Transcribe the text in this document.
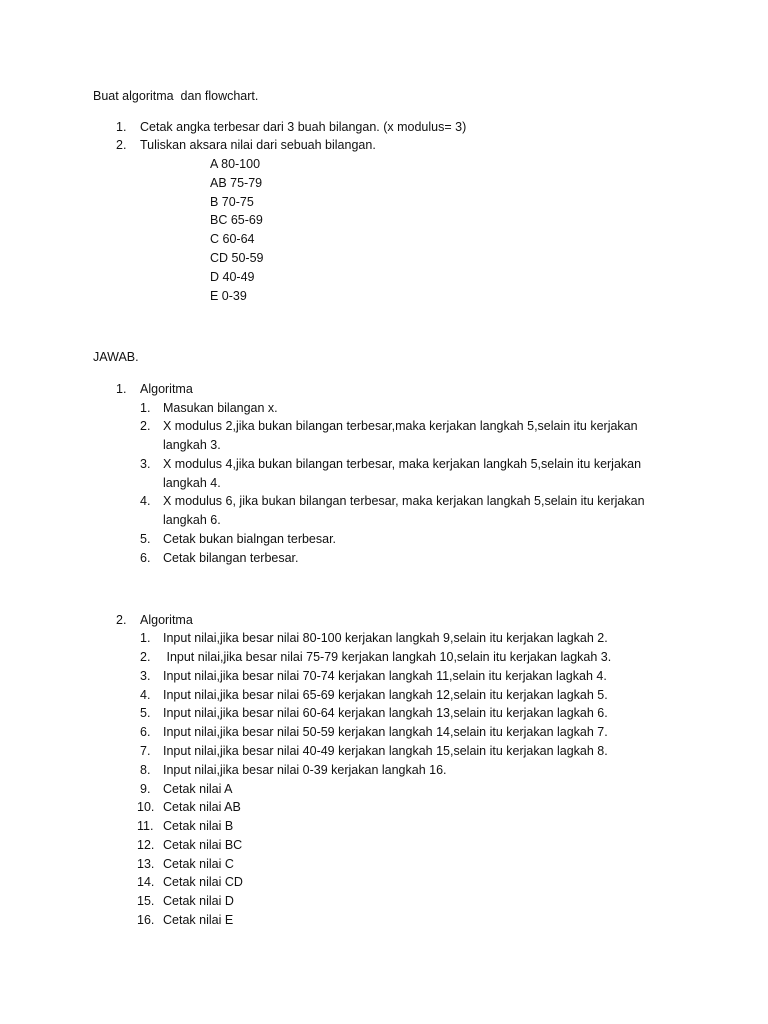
Buat algoritma  dan flowchart.
1. Cetak angka terbesar dari 3 buah bilangan. (x modulus= 3)
2. Tuliskan aksara nilai dari sebuah bilangan.
A 80-100
AB 75-79
B 70-75
BC 65-69
C 60-64
CD 50-59
D 40-49
E 0-39
JAWAB.
1. Algoritma
1. Masukan bilangan x.
2. X modulus 2,jika bukan bilangan terbesar,maka kerjakan langkah 5,selain itu kerjakan
langkah 3.
3. X modulus 4,jika bukan bilangan terbesar, maka kerjakan langkah 5,selain itu kerjakan
langkah 4.
4. X modulus 6, jika bukan bilangan terbesar, maka kerjakan langkah 5,selain itu kerjakan
langkah 6.
5. Cetak bukan bialngan terbesar.
6. Cetak bilangan terbesar.
2. Algoritma
1. Input nilai,jika besar nilai 80-100 kerjakan langkah 9,selain itu kerjakan lagkah 2.
2. Input nilai,jika besar nilai 75-79 kerjakan langkah 10,selain itu kerjakan lagkah 3.
3. Input nilai,jika besar nilai 70-74 kerjakan langkah 11,selain itu kerjakan lagkah 4.
4. Input nilai,jika besar nilai 65-69 kerjakan langkah 12,selain itu kerjakan lagkah 5.
5. Input nilai,jika besar nilai 60-64 kerjakan langkah 13,selain itu kerjakan lagkah 6.
6. Input nilai,jika besar nilai 50-59 kerjakan langkah 14,selain itu kerjakan lagkah 7.
7. Input nilai,jika besar nilai 40-49 kerjakan langkah 15,selain itu kerjakan lagkah 8.
8. Input nilai,jika besar nilai 0-39 kerjakan langkah 16.
9. Cetak nilai A
10. Cetak nilai AB
11. Cetak nilai B
12. Cetak nilai BC
13. Cetak nilai C
14. Cetak nilai CD
15. Cetak nilai D
16. Cetak nilai E
